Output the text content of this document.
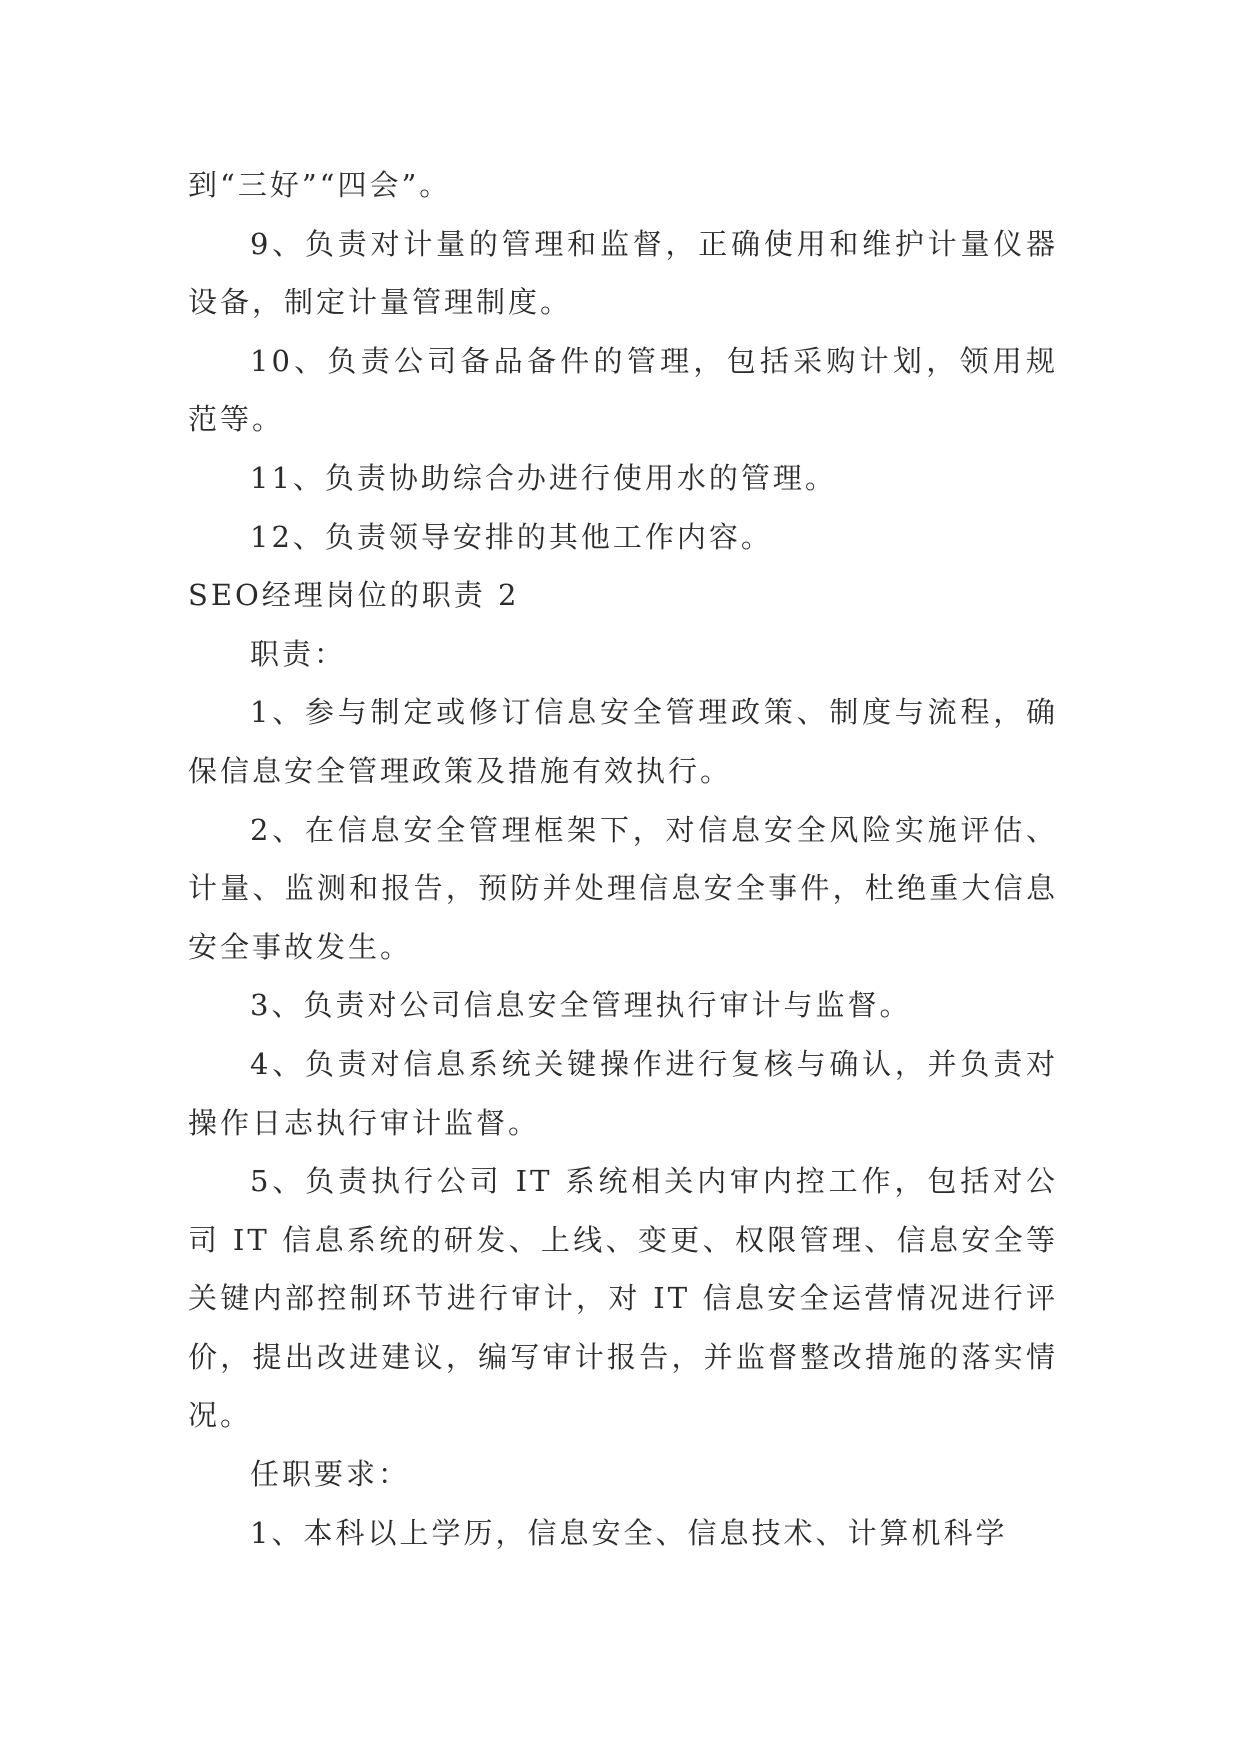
到“三好”“四会”。

9、负责对计量的管理和监督，正确使用和维护计量仪器设备，制定计量管理制度。

10、负责公司备品备件的管理，包括采购计划，领用规范等。

11、负责协助综合办进行使用水的管理。

12、负责领导安排的其他工作内容。

SEO经理岗位的职责 2

职责：

1、参与制定或修订信息安全管理政策、制度与流程，确保信息安全管理政策及措施有效执行。

2、在信息安全管理框架下，对信息安全风险实施评估、计量、监测和报告，预防并处理信息安全事件，杜绝重大信息安全事故发生。

3、负责对公司信息安全管理执行审计与监督。

4、负责对信息系统关键操作进行复核与确认，并负责对操作日志执行审计监督。

5、负责执行公司 IT 系统相关内审内控工作，包括对公司 IT 信息系统的研发、上线、变更、权限管理、信息安全等关键内部控制环节进行审计，对 IT 信息安全运营情况进行评价，提出改进建议，编写审计报告，并监督整改措施的落实情况。

任职要求：

1、本科以上学历，信息安全、信息技术、计算机科学
